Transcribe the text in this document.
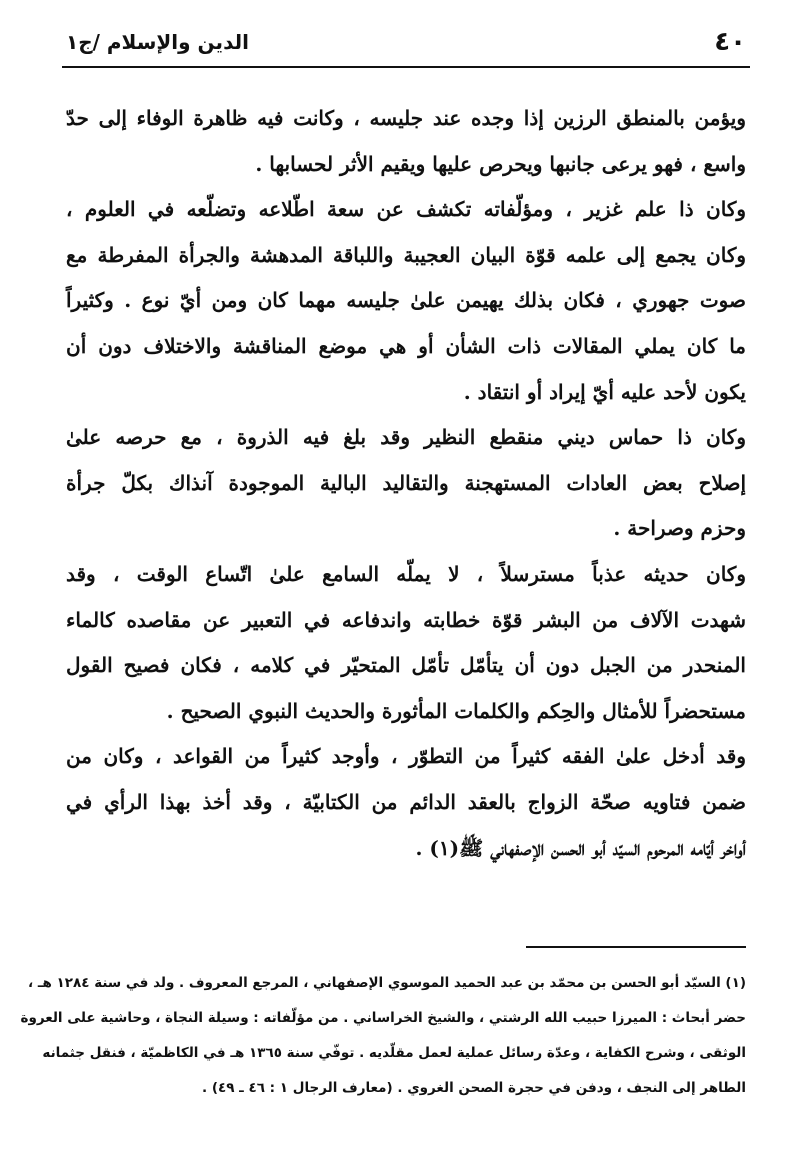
٤٠
الدين والإسلام /ج١
ويؤمن بالمنطق الرزين إذا وجده عند جليسه ، وكانت فيه ظاهرة الوفاء إلى حدّ
واسع ، فهو يرعى جانبها ويحرص عليها ويقيم الأثر لحسابها .
وكان ذا علم غزير ، ومؤلّفاته تكشف عن سعة اطّلاعه وتضلّعه في العلوم ،
وكان يجمع إلى علمه قوّة البيان العجيبة واللباقة المدهشة والجرأة المفرطة مع
صوت جهوري ، فكان بذلك يهيمن علىٰ جليسه مهما كان ومن أيّ نوع . وكثيراً
ما كان يملي المقالات ذات الشأن أو هي موضع المناقشة والاختلاف دون أن
يكون لأحد عليه أيّ إيراد أو انتقاد .
وكان ذا حماس ديني منقطع النظير وقد بلغ فيه الذروة ، مع حرصه علىٰ
إصلاح بعض العادات المستهجنة والتقاليد البالية الموجودة آنذاك بكلّ جرأة
وحزم وصراحة .
وكان حديثه عذباً مسترسلاً ، لا يملّه السامع علىٰ اتّساع الوقت ، وقد
شهدت الآلاف من البشر قوّة خطابته واندفاعه في التعبير عن مقاصده كالماء
المنحدر من الجبل دون أن يتأمّل تأمّل المتحيّر في كلامه ، فكان فصيح القول
مستحضراً للأمثال والحِكم والكلمات المأثورة والحديث النبوي الصحيح .
وقد أدخل علىٰ الفقه كثيراً من التطوّر ، وأوجد كثيراً من القواعد ، وكان من
ضمن فتاويه صحّة الزواج بالعقد الدائم من الكتابيّة ، وقد أخذ بهذا الرأي في
أواخر أيّامه المرحوم السيّد أبو الحسن الإصفهاني ﷺ(١) .
(١) السيّد أبو الحسن بن محمّد بن عبد الحميد الموسوي الإصفهاني ، المرجع المعروف . ولد في سنة ١٢٨٤ هـ ،
حضر أبحاث : الميرزا حبيب الله الرشتي ، والشيخ الخراساني . من مؤلّفاته : وسيلة النجاة ، وحاشية على العروة
الوثقى ، وشرح الكفاية ، وعدّة رسائل عملية لعمل مقلّديه . توفّي سنة ١٣٦٥ هـ في الكاظميّة ، فنقل جثمانه
الطاهر إلى النجف ، ودفن في حجرة الصحن الغروي . (معارف الرجال ١ : ٤٦ ـ ٤٩) .
